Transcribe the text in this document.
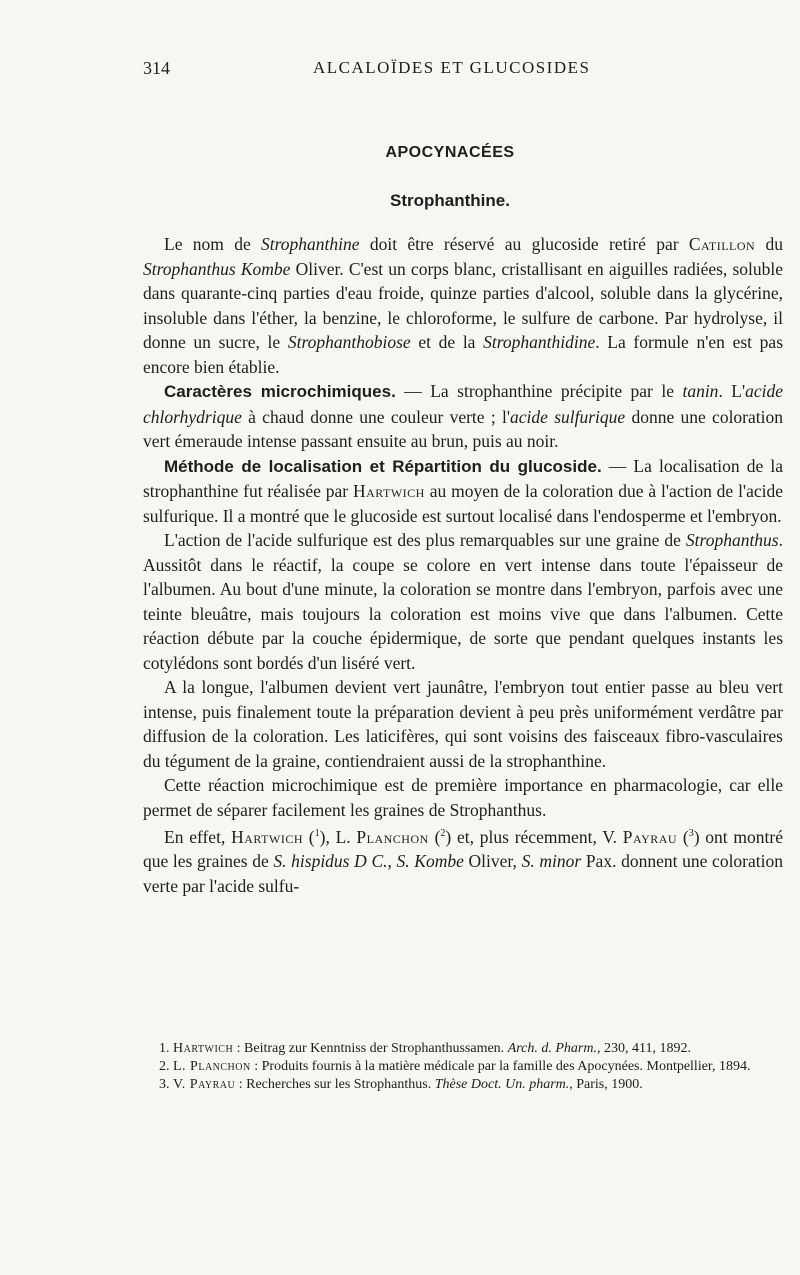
314	ALCALOÏDES ET GLUCOSIDES
APOCYNACÉES
Strophanthine.

Le nom de Strophanthine doit être réservé au glucoside retiré par Catillon du Strophanthus Kombe Oliver. C'est un corps blanc, cristallisant en aiguilles radiées, soluble dans quarante-cinq parties d'eau froide, quinze parties d'alcool, soluble dans la glycérine, insoluble dans l'éther, la benzine, le chloroforme, le sulfure de carbone. Par hydrolyse, il donne un sucre, le Strophanthobiose et de la Strophanthidine. La formule n'en est pas encore bien établie.

Caractères microchimiques. — La strophanthine précipite par le tanin. L'acide chlorhydrique à chaud donne une couleur verte ; l'acide sulfurique donne une coloration vert émeraude intense passant ensuite au brun, puis au noir.

Méthode de localisation et Répartition du glucoside. — La localisation de la strophanthine fut réalisée par Hartwich au moyen de la coloration due à l'action de l'acide sulfurique. Il a montré que le glucoside est surtout localisé dans l'endosperme et l'embryon.

L'action de l'acide sulfurique est des plus remarquables sur une graine de Strophanthus. Aussitôt dans le réactif, la coupe se colore en vert intense dans toute l'épaisseur de l'albumen. Au bout d'une minute, la coloration se montre dans l'embryon, parfois avec une teinte bleuâtre, mais toujours la coloration est moins vive que dans l'albumen. Cette réaction débute par la couche épidermique, de sorte que pendant quelques instants les cotylédons sont bordés d'un liséré vert.

A la longue, l'albumen devient vert jaunâtre, l'embryon tout entier passe au bleu vert intense, puis finalement toute la préparation devient à peu près uniformément verdâtre par diffusion de la coloration. Les laticifères, qui sont voisins des faisceaux fibro-vasculaires du tégument de la graine, contiendraient aussi de la strophanthine.

Cette réaction microchimique est de première importance en pharmacologie, car elle permet de séparer facilement les graines de Strophanthus.

En effet, Hartwich ($^1$), L. Planchon ($^2$) et, plus récemment, V. Payrau ($^3$) ont montré que les graines de S. hispidus D C., S. Kombe Oliver, S. minor Pax. donnent une coloration verte par l'acide sulfu-

1. Hartwich : Beitrag zur Kenntniss der Strophanthussamen. Arch. d. Pharm., 230, 411, 1892.

2. L. Planchon : Produits fournis à la matière médicale par la famille des Apocynées. Montpellier, 1894.

3. V. Payrau : Recherches sur les Strophanthus. Thèse Doct. Un. pharm., Paris, 1900.
